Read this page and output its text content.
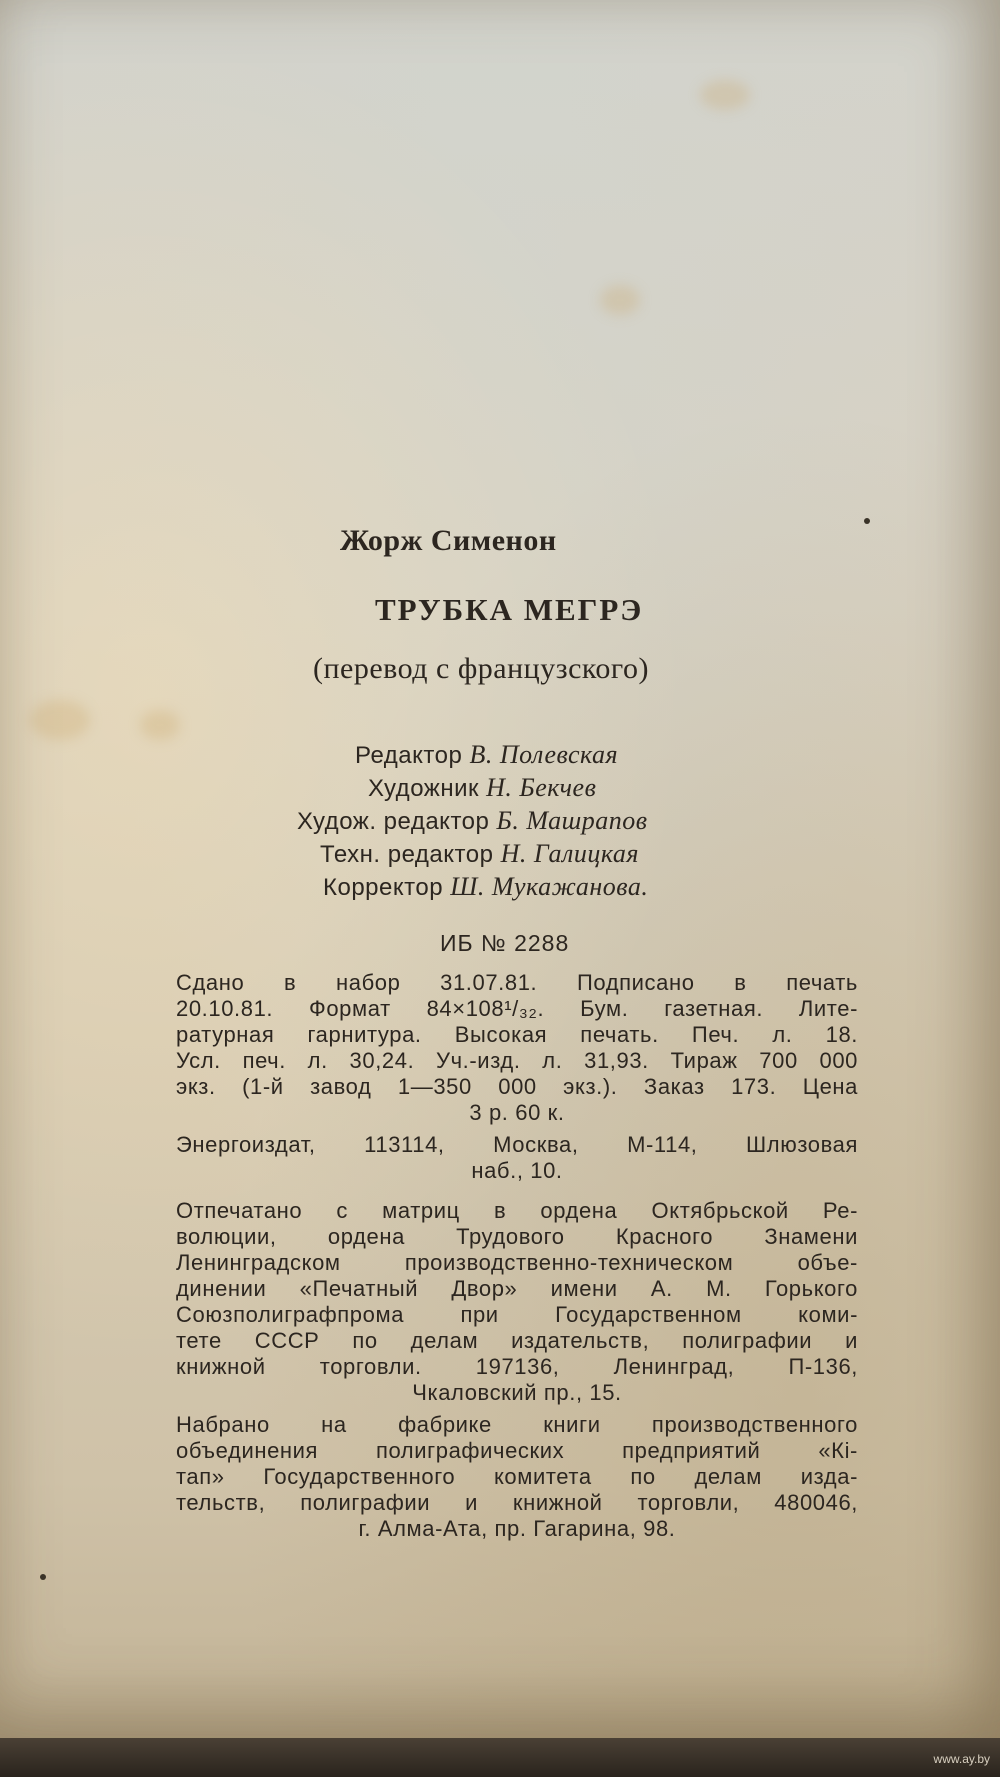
Жорж Сименон
ТРУБКА МЕГРЭ
(перевод с французского)
Редактор В. Полевская
Художник Н. Бекчев
Худож. редактор Б. Машрапов
Техн. редактор Н. Галицкая
Корректор Ш. Мукажанова.
ИБ № 2288
Сдано в набор 31.07.81. Подписано в печать
20.10.81. Формат 84×108¹/₃₂. Бум. газетная. Лите-
ратурная гарнитура. Высокая печать. Печ. л. 18.
Усл. печ. л. 30,24. Уч.-изд. л. 31,93. Тираж 700 000
экз. (1-й завод 1—350 000 экз.). Заказ 173. Цена
3 р. 60 к.
Энергоиздат, 113114, Москва, М-114, Шлюзовая
наб., 10.
Отпечатано с матриц в ордена Октябрьской Ре-
волюции, ордена Трудового Красного Знамени
Ленинградском производственно-техническом объе-
динении «Печатный Двор» имени А. М. Горького
Союзполиграфпрома при Государственном коми-
тете СССР по делам издательств, полиграфии и
книжной торговли. 197136, Ленинград, П-136,
Чкаловский пр., 15.
Набрано на фабрике книги производственного
объединения полиграфических предприятий «Кі-
тап» Государственного комитета по делам изда-
тельств, полиграфии и книжной торговли, 480046,
г. Алма-Ата, пр. Гагарина, 98.
www.ay.by
